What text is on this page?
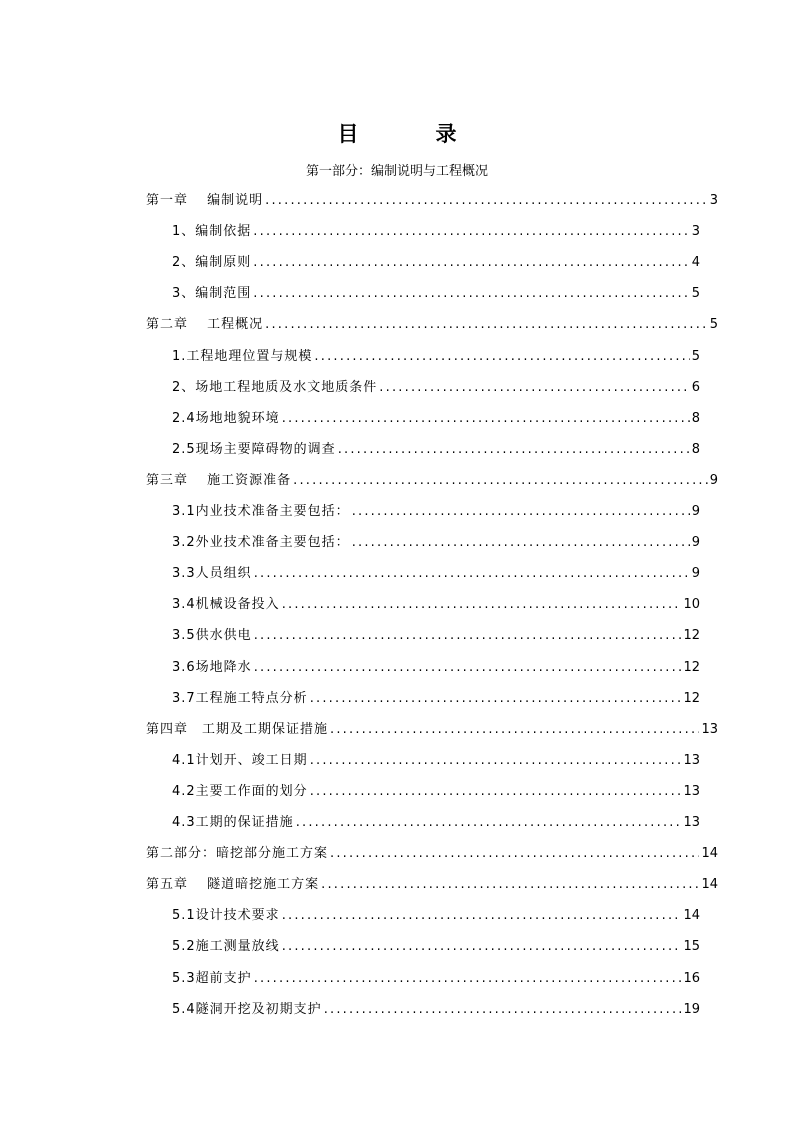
目　录
第一部分：编制说明与工程概况
第一章　 编制说明 .....	3
1、编制依据 .....	3
2、编制原则 .....	4
3、编制范围 .....	5
第二章　 工程概况 .....	5
1.工程地理位置与规模 .....	5
2、场地工程地质及水文地质条件 .....	6
2.4场地地貌环境 .....	8
2.5现场主要障碍物的调查 .....	8
第三章　 施工资源准备 .....	9
3.1内业技术准备主要包括： .....	9
3.2外业技术准备主要包括： .....	9
3.3人员组织 .....	9
3.4机械设备投入 .....	10
3.5供水供电 .....	12
3.6场地降水 .....	12
3.7工程施工特点分析 .....	12
第四章　工期及工期保证措施 .....	13
4.1计划开、竣工日期 .....	13
4.2主要工作面的划分 .....	13
4.3工期的保证措施 .....	13
第二部分：暗挖部分施工方案 .....	14
第五章　 隧道暗挖施工方案 .....	14
5.1设计技术要求 .....	14
5.2施工测量放线 .....	15
5.3超前支护 .....	16
5.4隧洞开挖及初期支护 .....	19
